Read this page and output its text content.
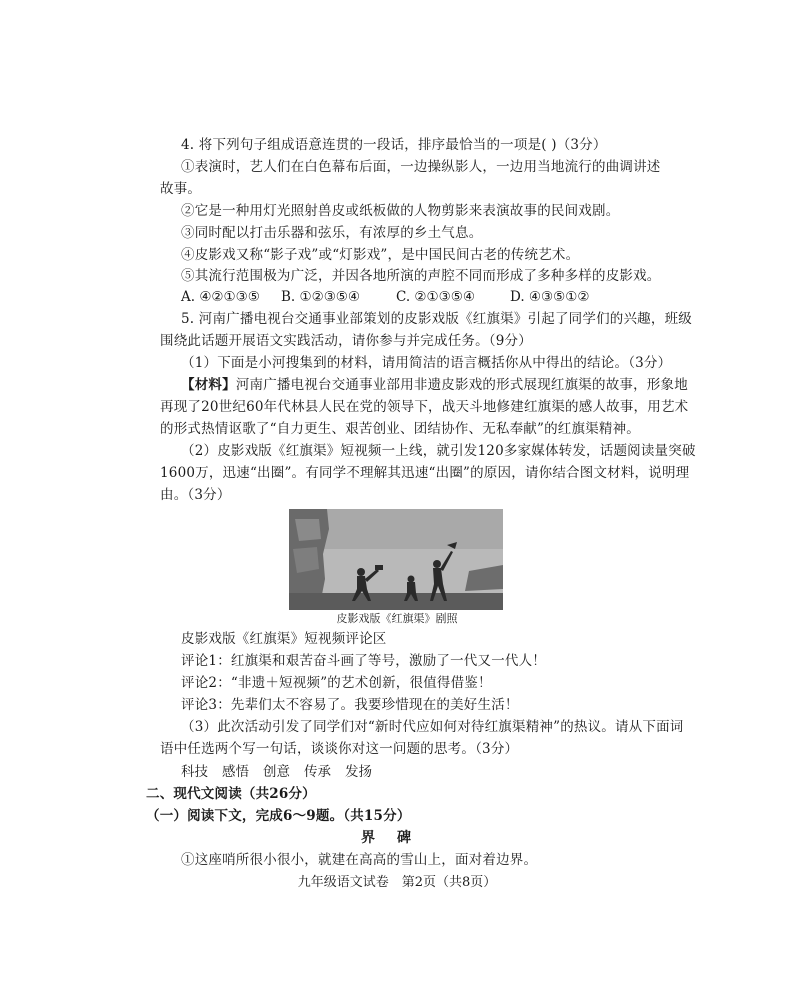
4. 将下列句子组成语意连贯的一段话，排序最恰当的一项是( )（3分）
①表演时，艺人们在白色幕布后面，一边操纵影人，一边用当地流行的曲调讲述
故事。
②它是一种用灯光照射兽皮或纸板做的人物剪影来表演故事的民间戏剧。
③同时配以打击乐器和弦乐，有浓厚的乡土气息。
④皮影戏又称“影子戏”或“灯影戏”，是中国民间古老的传统艺术。
⑤其流行范围极为广泛，并因各地所演的声腔不同而形成了多种多样的皮影戏。
A. ④②①③⑤ B. ①②③⑤④	C. ②①③⑤④	D. ④③⑤①②
5. 河南广播电视台交通事业部策划的皮影戏版《红旗渠》引起了同学们的兴趣，班级
围绕此话题开展语文实践活动，请你参与并完成任务。（9分）
（1）下面是小河搜集到的材料，请用简洁的语言概括你从中得出的结论。（3分）
【材料】河南广播电视台交通事业部用非遗皮影戏的形式展现红旗渠的故事，形象地
再现了20世纪60年代林县人民在党的领导下，战天斗地修建红旗渠的感人故事，用艺术
的形式热情讴歌了“自力更生、艰苦创业、团结协作、无私奉献”的红旗渠精神。
（2）皮影戏版《红旗渠》短视频一上线，就引发120多家媒体转发，话题阅读量突破
1600万，迅速“出圈”。有同学不理解其迅速“出圈”的原因，请你结合图文材料，说明理
由。（3分）
皮影戏版《红旗渠》剧照
皮影戏版《红旗渠》短视频评论区
评论1：红旗渠和艰苦奋斗画了等号，激励了一代又一代人！
评论2：“非遗＋短视频”的艺术创新，很值得借鉴！
评论3：先辈们太不容易了。我要珍惜现在的美好生活！
（3）此次活动引发了同学们对“新时代应如何对待红旗渠精神”的热议。请从下面词
语中任选两个写一句话，谈谈你对这一问题的思考。（3分）
科技 感悟 创意 传承 发扬
二、现代文阅读（共26分）
（一）阅读下文，完成6～9题。（共15分）
界碑
①这座哨所很小很小，就建在高高的雪山上，面对着边界。
九年级语文试卷　第2页（共8页）
